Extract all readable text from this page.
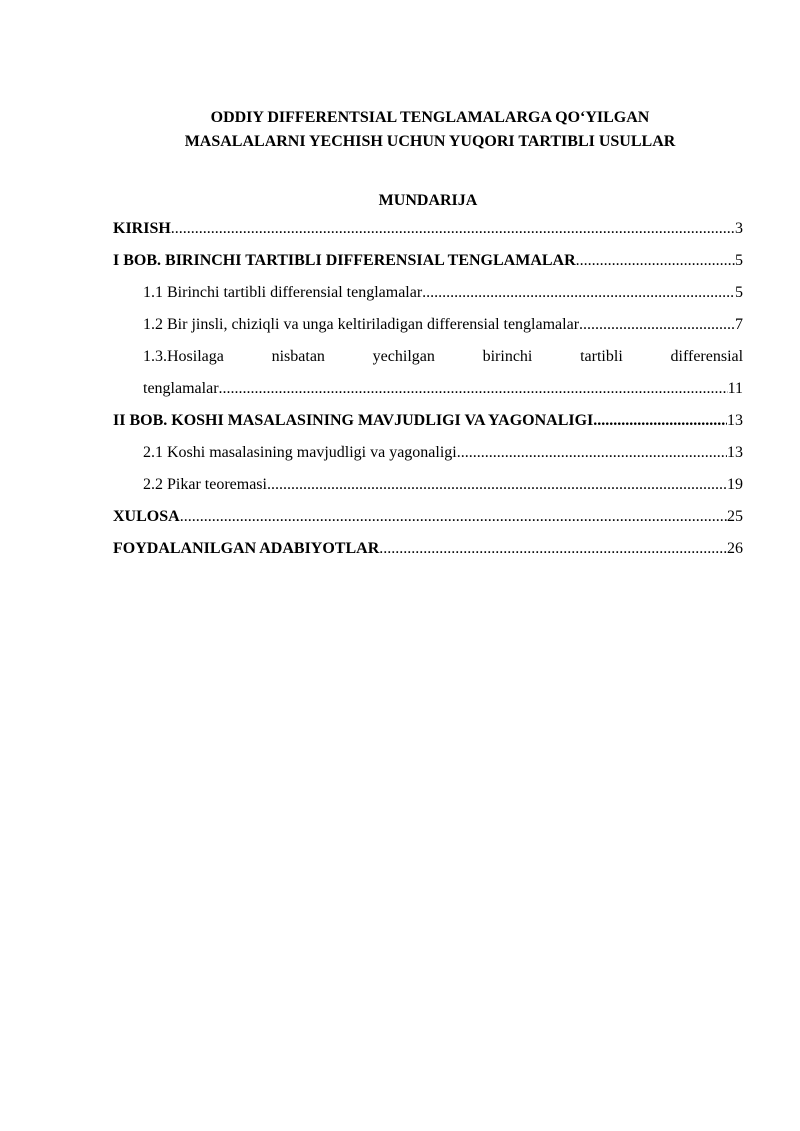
ODDIY DIFFERENTSIAL TENGLAMALARGA QO‘YILGAN
MASALALARNI YECHISH UCHUN YUQORI TARTIBLI USULLAR
MUNDARIJA
KIRISH .....	3
I BOB. BIRINCHI TARTIBLI DIFFERENSIAL TENGLAMALAR .....	5
1.1 Birinchi tartibli differensial tenglamalar .....	5
1.2 Bir jinsli, chiziqli va unga keltiriladigan differensial tenglamalar .....	7
1.3.Hosilaga	nisbatan	yechilgan	birinchi	tartibli	differensial
tenglamalar .....	11
II BOB. KOSHI MASALASINING MAVJUDLIGI VA YAGONALIGI .....	13
2.1 Koshi masalasining mavjudligi va yagonaligi .....	13
2.2 Pikar teoremasi .....	19
XULOSA .....	25
FOYDALANILGAN ADABIYOTLAR .....	26
